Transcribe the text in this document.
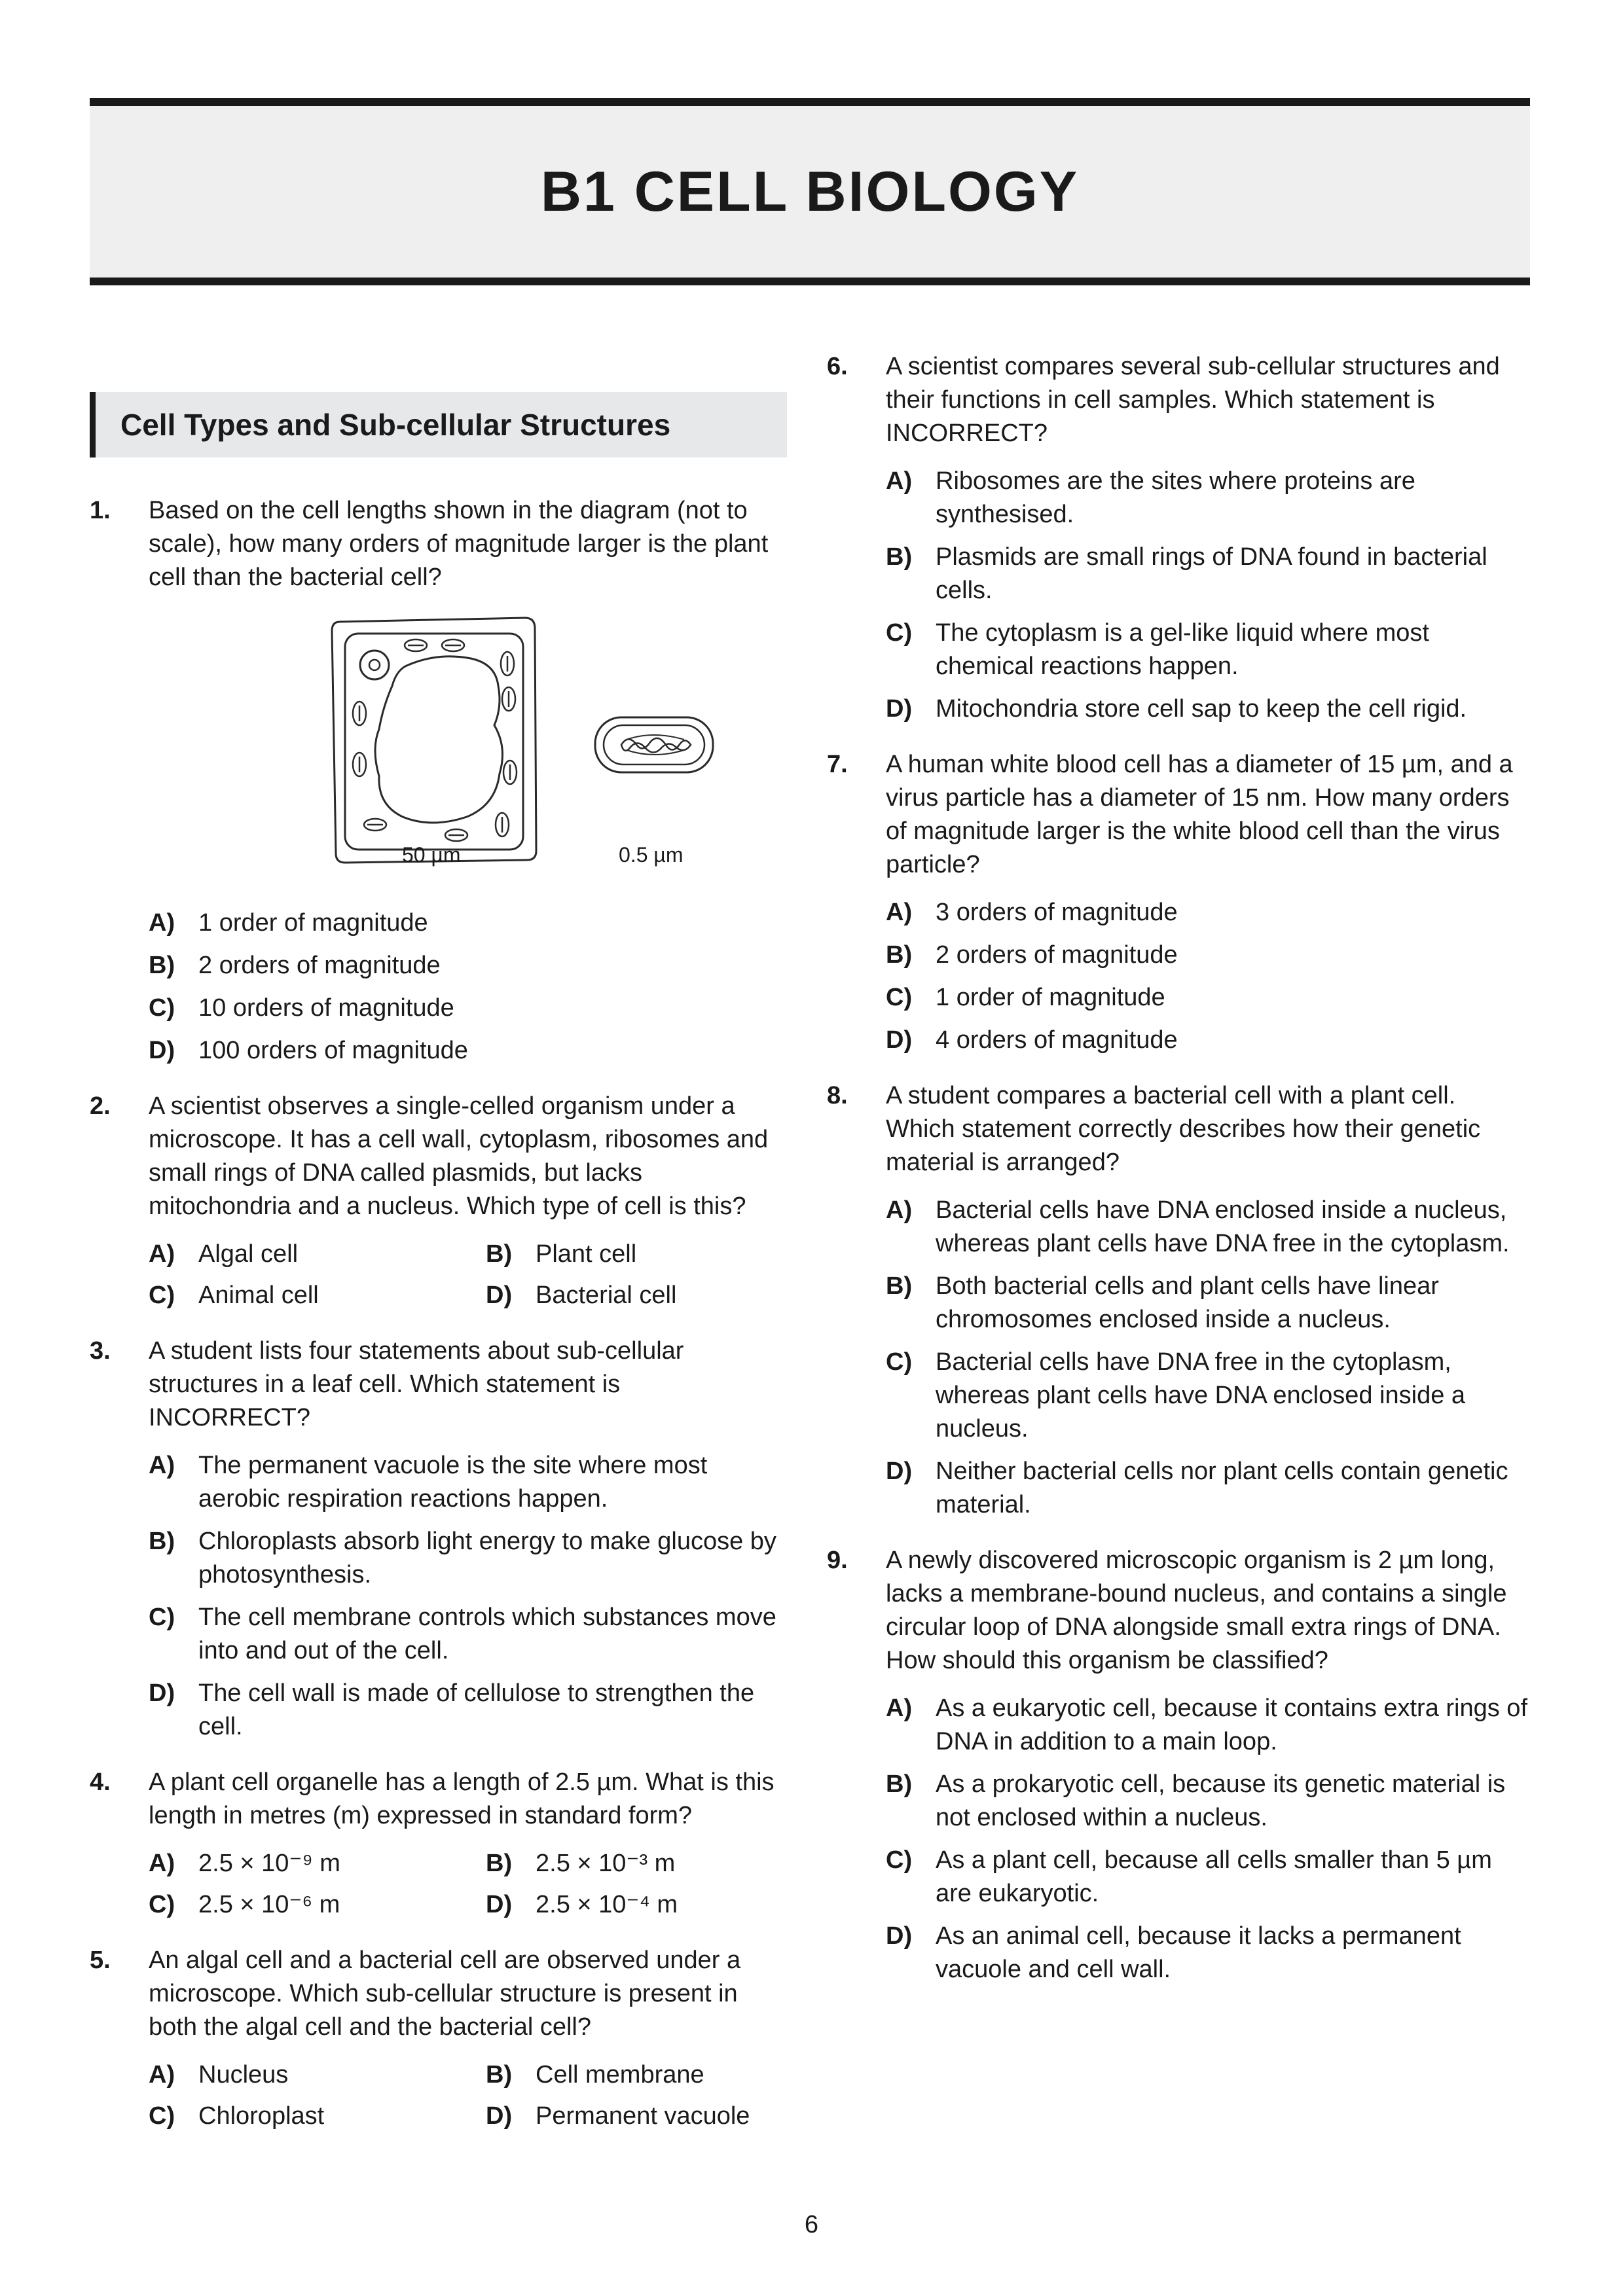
B1 CELL BIOLOGY
Cell Types and Sub-cellular Structures
1. Based on the cell lengths shown in the diagram (not to scale), how many orders of magnitude larger is the plant cell than the bacterial cell?

50 µm	0.5 µm
A) 1 order of magnitude
B) 2 orders of magnitude
C) 10 orders of magnitude
D) 100 orders of magnitude
2. A scientist observes a single-celled organism under a microscope. It has a cell wall, cytoplasm, ribosomes and small rings of DNA called plasmids, but lacks mitochondria and a nucleus. Which type of cell is this?

A) Algal cell	B) Plant cell
C) Animal cell	D) Bacterial cell
3. A student lists four statements about sub-cellular structures in a leaf cell. Which statement is INCORRECT?

A) The permanent vacuole is the site where most aerobic respiration reactions happen.
B) Chloroplasts absorb light energy to make glucose by photosynthesis.
C) The cell membrane controls which substances move into and out of the cell.
D) The cell wall is made of cellulose to strengthen the cell.
4. A plant cell organelle has a length of 2.5 µm. What is this length in metres (m) expressed in standard form?

A) 2.5 × 10⁻⁹ m	B) 2.5 × 10⁻³ m
C) 2.5 × 10⁻⁶ m	D) 2.5 × 10⁻⁴ m
5. An algal cell and a bacterial cell are observed under a microscope. Which sub-cellular structure is present in both the algal cell and the bacterial cell?

A) Nucleus	B) Cell membrane
C) Chloroplast	D) Permanent vacuole
6. A scientist compares several sub-cellular structures and their functions in cell samples. Which statement is INCORRECT?

A) Ribosomes are the sites where proteins are synthesised.
B) Plasmids are small rings of DNA found in bacterial cells.
C) The cytoplasm is a gel-like liquid where most chemical reactions happen.
D) Mitochondria store cell sap to keep the cell rigid.
7. A human white blood cell has a diameter of 15 µm, and a virus particle has a diameter of 15 nm. How many orders of magnitude larger is the white blood cell than the virus particle?

A) 3 orders of magnitude
B) 2 orders of magnitude
C) 1 order of magnitude
D) 4 orders of magnitude
8. A student compares a bacterial cell with a plant cell. Which statement correctly describes how their genetic material is arranged?

A) Bacterial cells have DNA enclosed inside a nucleus, whereas plant cells have DNA free in the cytoplasm.
B) Both bacterial cells and plant cells have linear chromosomes enclosed inside a nucleus.
C) Bacterial cells have DNA free in the cytoplasm, whereas plant cells have DNA enclosed inside a nucleus.
D) Neither bacterial cells nor plant cells contain genetic material.
9. A newly discovered microscopic organism is 2 µm long, lacks a membrane-bound nucleus, and contains a single circular loop of DNA alongside small extra rings of DNA. How should this organism be classified?

A) As a eukaryotic cell, because it contains extra rings of DNA in addition to a main loop.
B) As a prokaryotic cell, because its genetic material is not enclosed within a nucleus.
C) As a plant cell, because all cells smaller than 5 µm are eukaryotic.
D) As an animal cell, because it lacks a permanent vacuole and cell wall.
6
